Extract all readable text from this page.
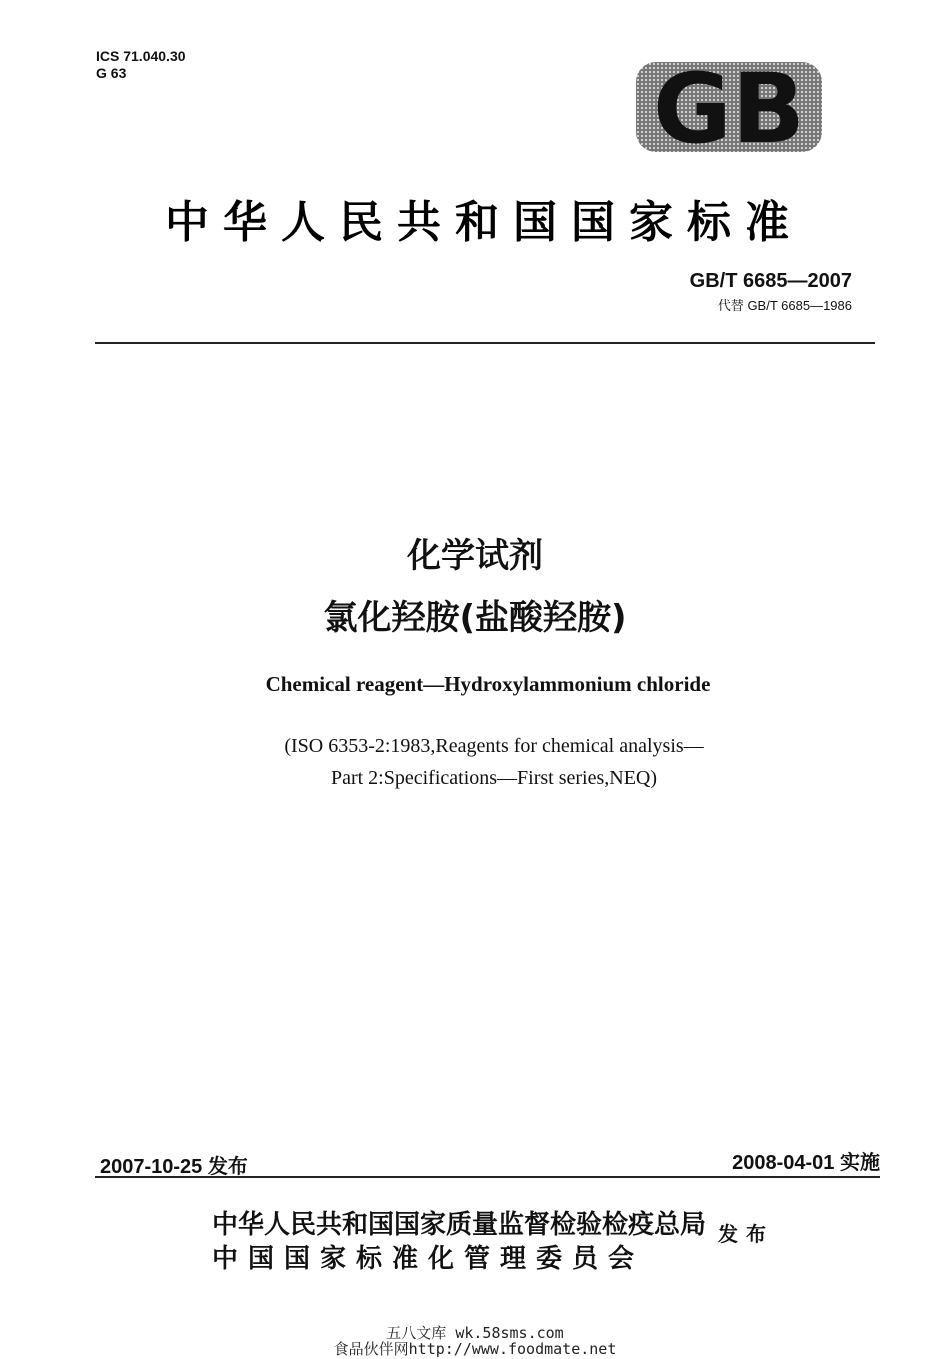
ICS 71.040.30
G 63	GB
中华人民共和国国家标准
GB/T 6685—2007
代替 GB/T 6685—1986
化学试剂
氯化羟胺(盐酸羟胺)
Chemical reagent—Hydroxylammonium chloride
(ISO 6353-2:1983,Reagents for chemical analysis—
Part 2:Specifications—First series,NEQ)
2007-10-25 发布	2008-04-01 实施
中华人民共和国国家质量监督检验检疫总局
中国国家标准化管理委员会
发布
五八文库 wk.58sms.com
食品伙伴网http://www.foodmate.net
